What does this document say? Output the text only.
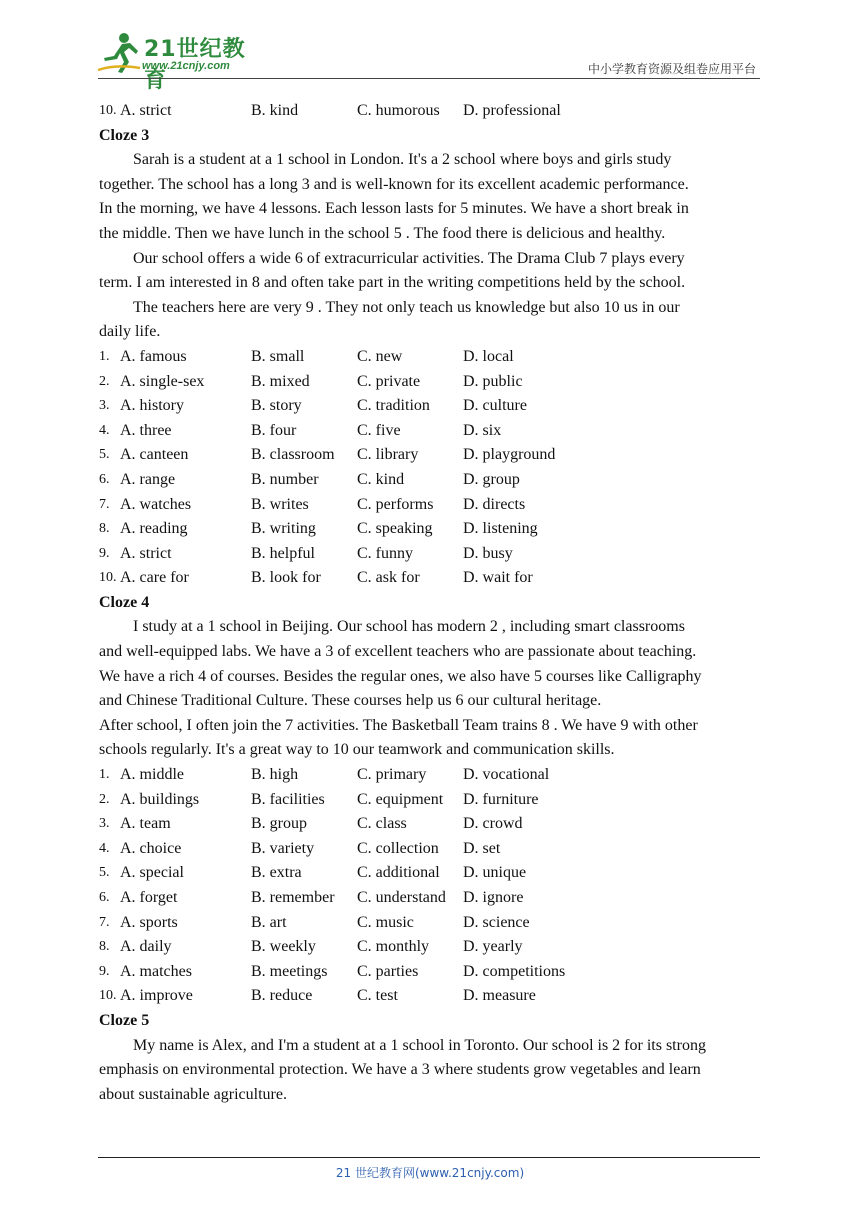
21世纪教育
www.21cnjy.com	中小学教育资源及组卷应用平台
10. A. strict	B. kind	C. humorous D. professional
Cloze 3
Sarah is a student at a 1 school in London. It's a 2 school where boys and girls study
together. The school has a long 3 and is well-known for its excellent academic performance.
In the morning, we have 4 lessons. Each lesson lasts for 5 minutes. We have a short break in
the middle. Then we have lunch in the school 5 . The food there is delicious and healthy.
Our school offers a wide 6 of extracurricular activities. The Drama Club 7 plays every
term. I am interested in 8 and often take part in the writing competitions held by the school.
The teachers here are very 9 . They not only teach us knowledge but also 10 us in our
daily life.
1. A. famous	B. small	C. new	D. local
2. A. single-sex	B. mixed	C. private	D. public
3. A. history	B. story	C. tradition D. culture
4. A. three	B. four	C. five	D. six
5. A. canteen	B. classroom C. library	D. playground
6. A. range	B. number C. kind	D. group
7. A. watches	B. writes	C. performs D. directs
8. A. reading	B. writing	C. speaking D. listening
9. A. strict	B. helpful	C. funny	D. busy
10. A. care for	B. look for C. ask for	D. wait for
Cloze 4
I study at a 1 school in Beijing. Our school has modern 2 , including smart classrooms
and well-equipped labs. We have a 3 of excellent teachers who are passionate about teaching.
We have a rich 4 of courses. Besides the regular ones, we also have 5 courses like Calligraphy
and Chinese Traditional Culture. These courses help us 6 our cultural heritage.
After school, I often join the 7 activities. The Basketball Team trains 8 . We have 9 with other
schools regularly. It's a great way to 10 our teamwork and communication skills.
1. A. middle	B. high	C. primary D. vocational
2. A. buildings	B. facilities C. equipment D. furniture
3. A. team	B. group	C. class	D. crowd
4. A. choice	B. variety	C. collection D. set
5. A. special	B. extra	C. additional D. unique
6. A. forget	B. remember C. understand D. ignore
7. A. sports	B. art	C. music	D. science
8. A. daily	B. weekly	C. monthly D. yearly
9. A. matches	B. meetings C. parties	D. competitions
10. A. improve	B. reduce	C. test	D. measure
Cloze 5
My name is Alex, and I'm a student at a 1 school in Toronto. Our school is 2 for its strong
emphasis on environmental protection. We have a 3 where students grow vegetables and learn
about sustainable agriculture.
21 世纪教育网(www.21cnjy.com)
